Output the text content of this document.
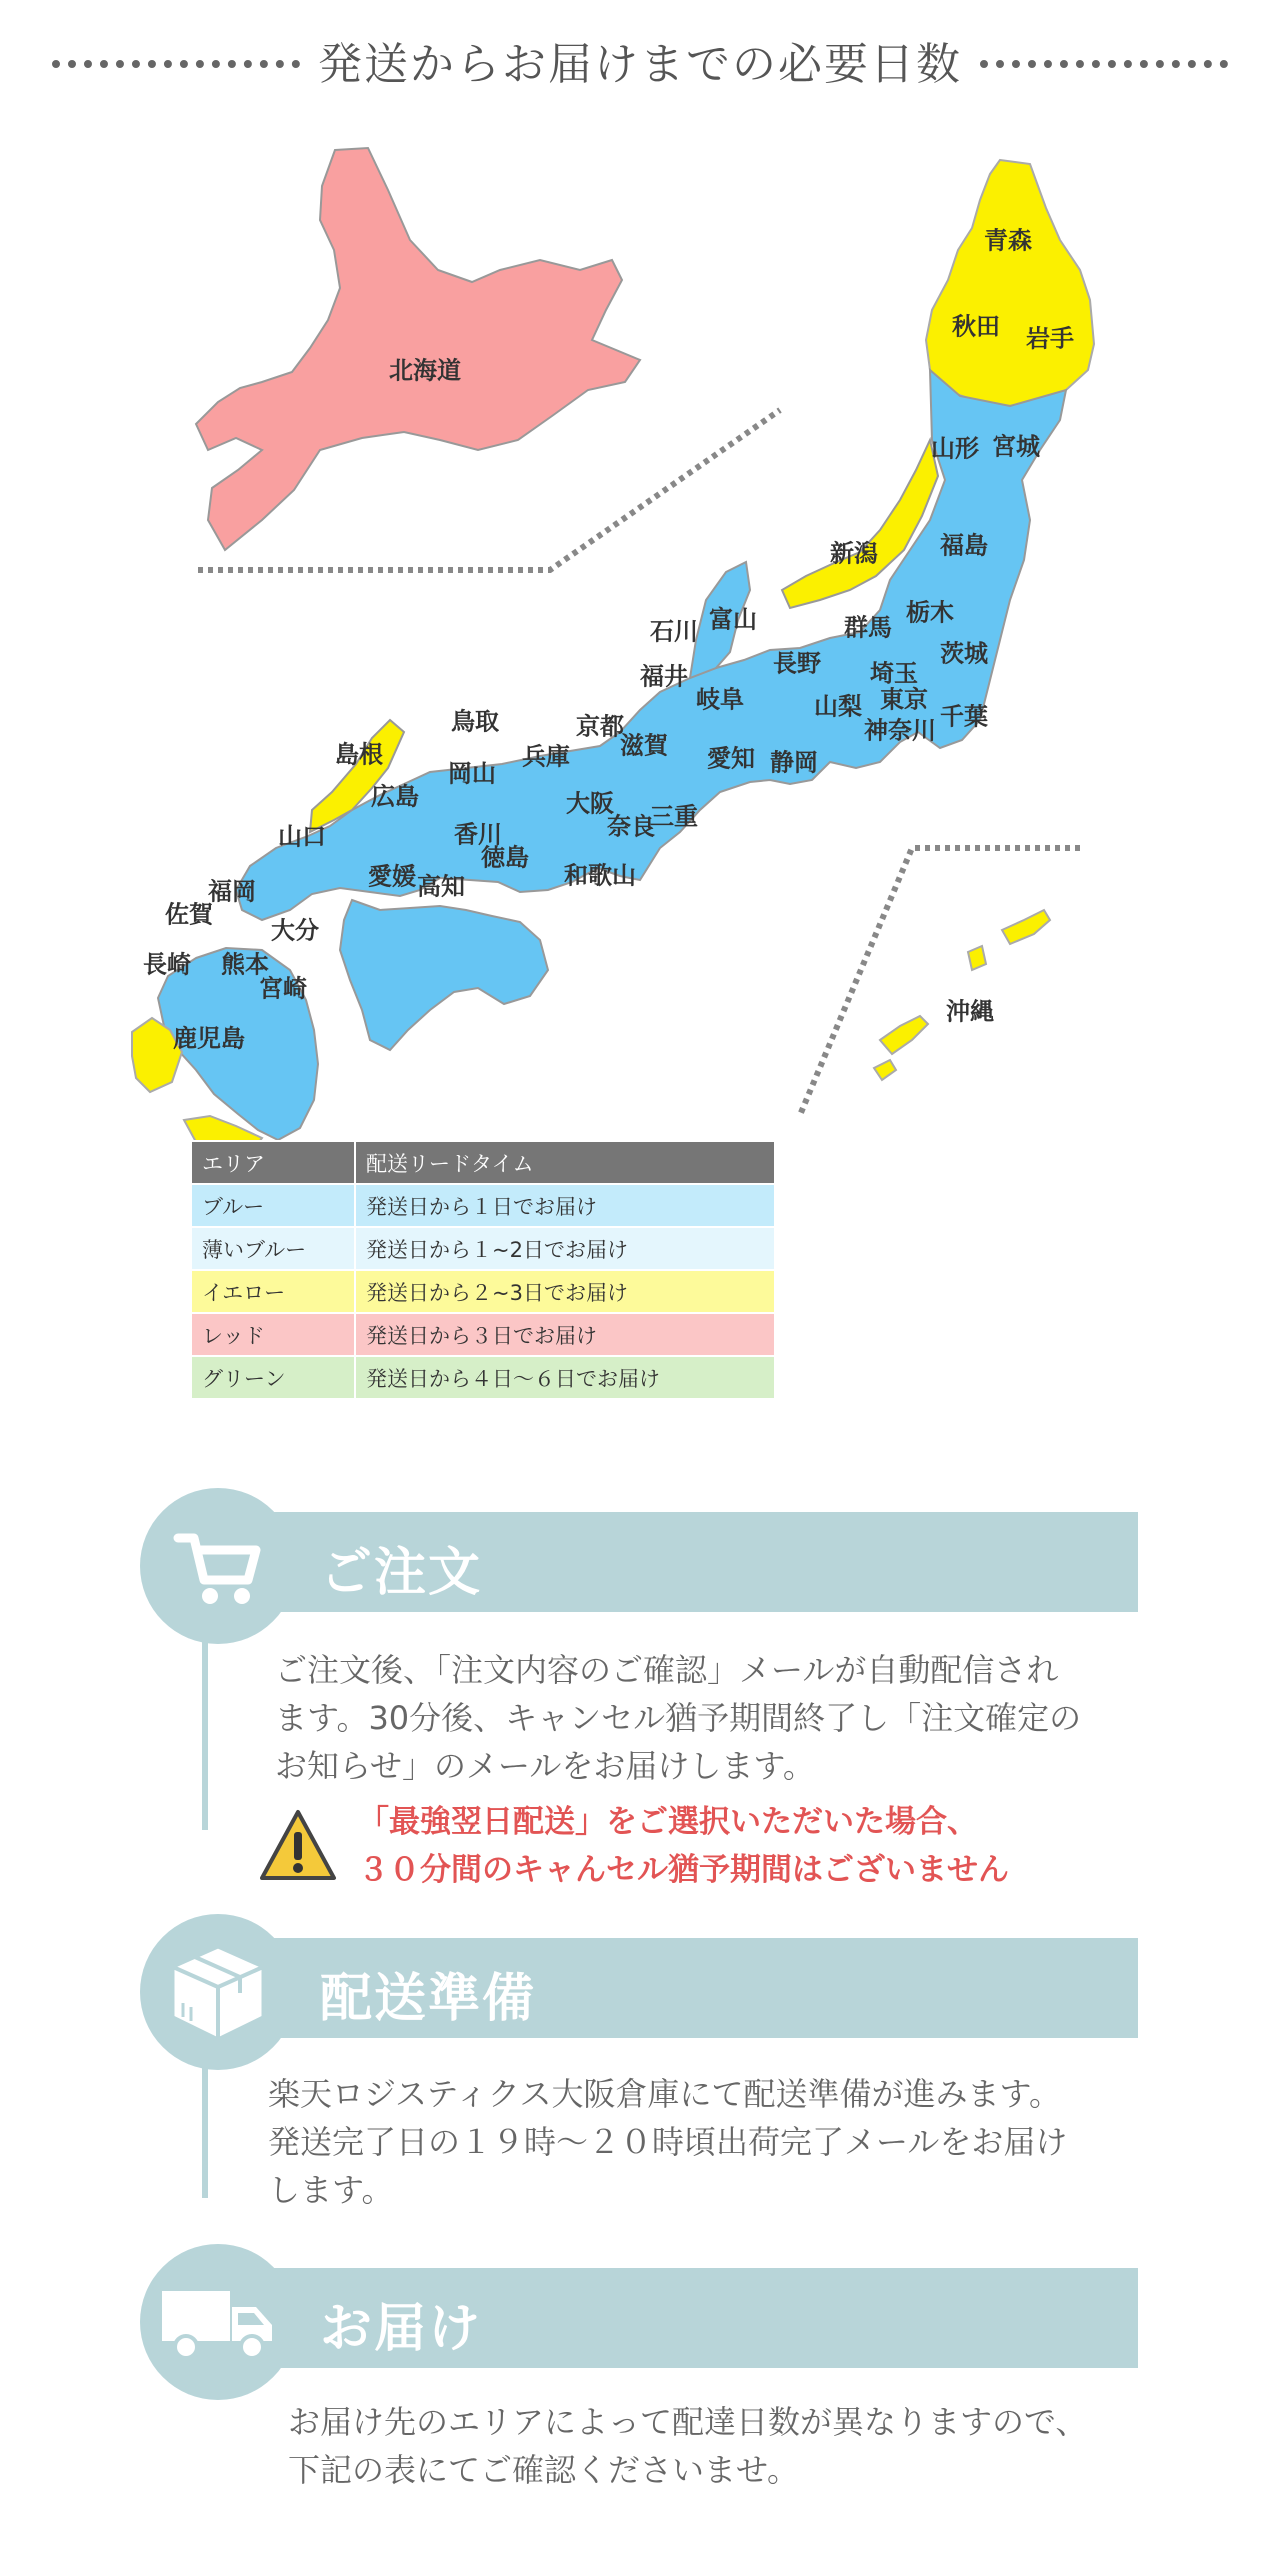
発送からお届けまでの必要日数
北海道
青森
秋田 岩手
山形 宮城
新潟	福島
石川 富山	群馬
栃木
茨城
福井	長野 埼玉
岐阜	山梨 東京
千葉
神奈川
鳥取	京都
滋賀
島根	兵庫	愛知 静岡
岡山
広島	大阪 三重
奈良
山口	香川
徳島
和歌山
愛媛 高知
福岡
佐賀
大分
長崎 熊本
宮崎
鹿児島
沖縄
エリア	配送リードタイム
ブルー	発送日から１日でお届け
薄いブルー	発送日から１~2日でお届け
イエロー	発送日から２~3日でお届け
レッド	発送日から３日でお届け
グリーン	発送日から４日～６日でお届け
ご注文
ご注文後、「注文内容のご確認」メールが自動配信され
ます。30分後、キャンセル猶予期間終了し「注文確定の
お知らせ」のメールをお届けします。
「最強翌日配送」をご選択いただいた場合、
３０分間のキャんセル猶予期間はございません
配送準備
楽天ロジスティクス大阪倉庫にて配送準備が進みます。
発送完了日の１９時～２０時頃出荷完了メールをお届け
します。
お届け
お届け先のエリアによって配達日数が異なりますので、
下記の表にてご確認くださいませ。
